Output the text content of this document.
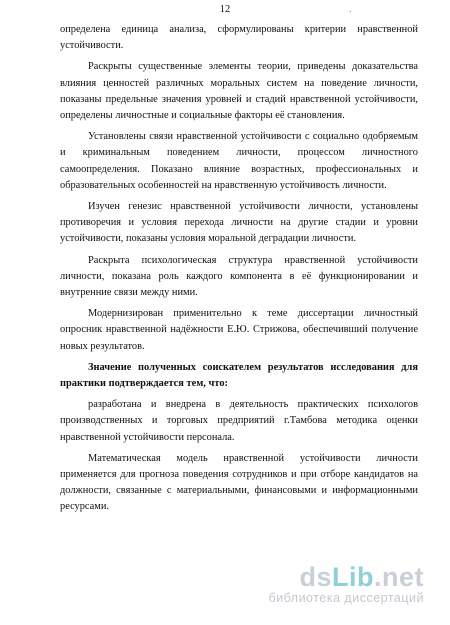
12	.

определена единица анализа, сформулированы критерии нравственной устойчивости.

Раскрыты существенные элементы теории, приведены доказательства влияния ценностей различных моральных систем на поведение личности, показаны предельные значения уровней и стадий нравственной устойчивости, определены личностные и социальные факторы её становления.

Установлены связи нравственной устойчивости с социально одобряемым и криминальным поведением личности, процессом личностного самоопределения. Показано влияние возрастных, профессиональных и образовательных особенностей на нравственную устойчивость личности.

Изучен генезис нравственной устойчивости личности, установлены противоречия и условия перехода личности на другие стадии и уровни устойчивости, показаны условия моральной деградации личности.

Раскрыта психологическая структура нравственной устойчивости личности, показана роль каждого компонента в её функционировании и внутренние связи между ними.

Модернизирован применительно к теме диссертации личностный опросник нравственной надёжности Е.Ю. Стрижова, обеспечивший получение новых результатов.

Значение полученных соискателем результатов исследования для практики подтверждается тем, что:

разработана и внедрена в деятельность практических психологов производственных и торговых предприятий г.Тамбова методика оценки нравственной устойчивости персонала.

Математическая модель нравственной устойчивости личности применяется для прогноза поведения сотрудников и при отборе кандидатов на должности, связанные с материальными, финансовыми и информационными ресурсами.

dsLib.net
библиотека диссертаций
